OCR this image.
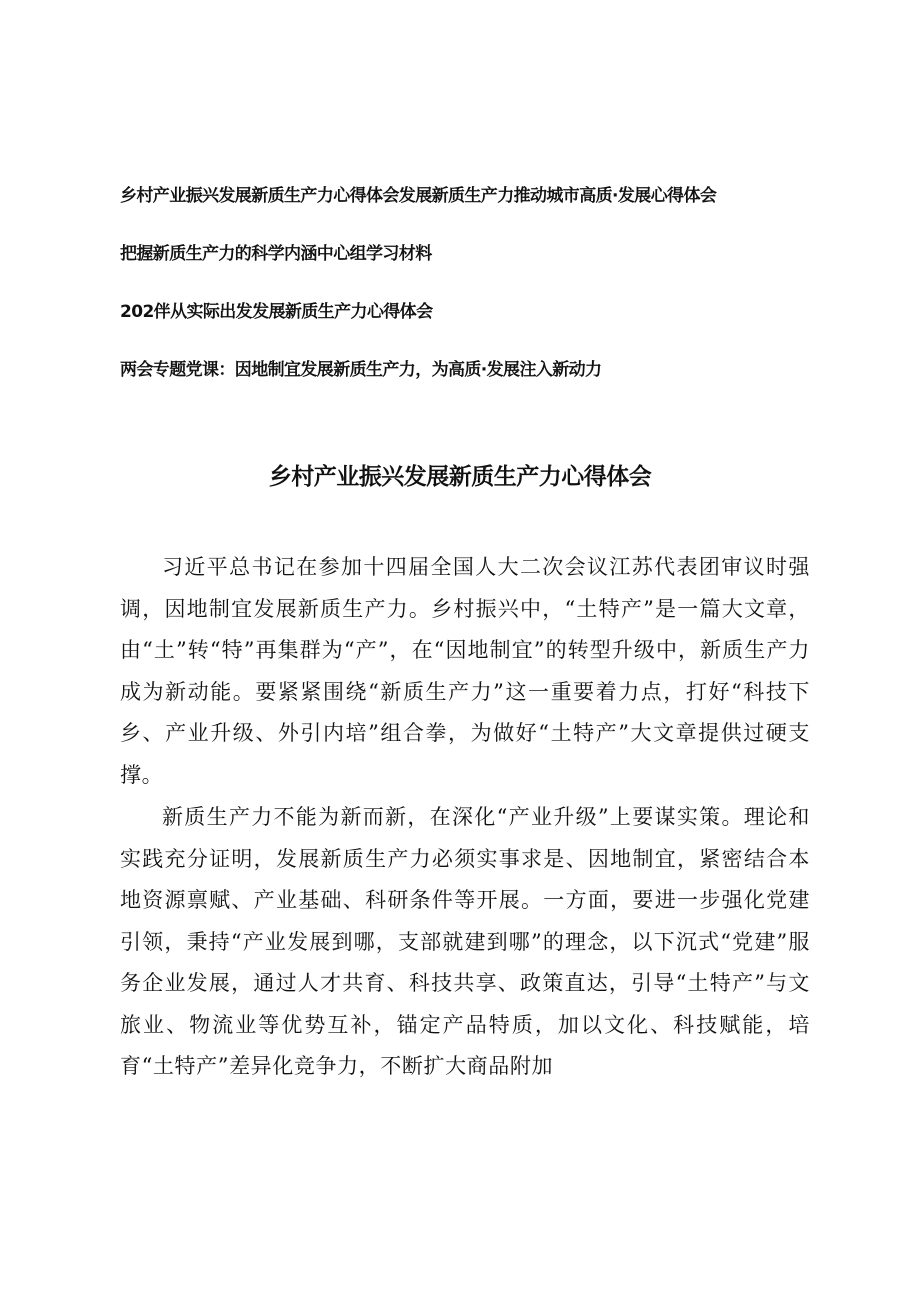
乡村产业振兴发展新质生产力心得体会发展新质生产力推动城市高质·发展心得体会
把握新质生产力的科学内涵中心组学习材料
202伴从实际出发发展新质生产力心得体会
两会专题党课：因地制宜发展新质生产力，为高质·发展注入新动力
乡村产业振兴发展新质生产力心得体会

习近平总书记在参加十四届全国人大二次会议江苏代表团审议时强调，因地制宜发展新质生产力。乡村振兴中，“土特产”是一篇大文章，由“土”转“特”再集群为“产”，在“因地制宜”的转型升级中，新质生产力成为新动能。要紧紧围绕“新质生产力”这一重要着力点，打好“科技下乡、产业升级、外引内培”组合拳，为做好“土特产”大文章提供过硬支撑。

新质生产力不能为新而新，在深化“产业升级”上要谋实策。理论和实践充分证明，发展新质生产力必须实事求是、因地制宜，紧密结合本地资源禀赋、产业基础、科研条件等开展。一方面，要进一步强化党建引领，秉持“产业发展到哪，支部就建到哪”的理念，以下沉式“党建”服务企业发展，通过人才共育、科技共享、政策直达，引导“土特产”与文旅业、物流业等优势互补，锚定产品特质，加以文化、科技赋能，培育“土特产”差异化竞争力，不断扩大商品附加
